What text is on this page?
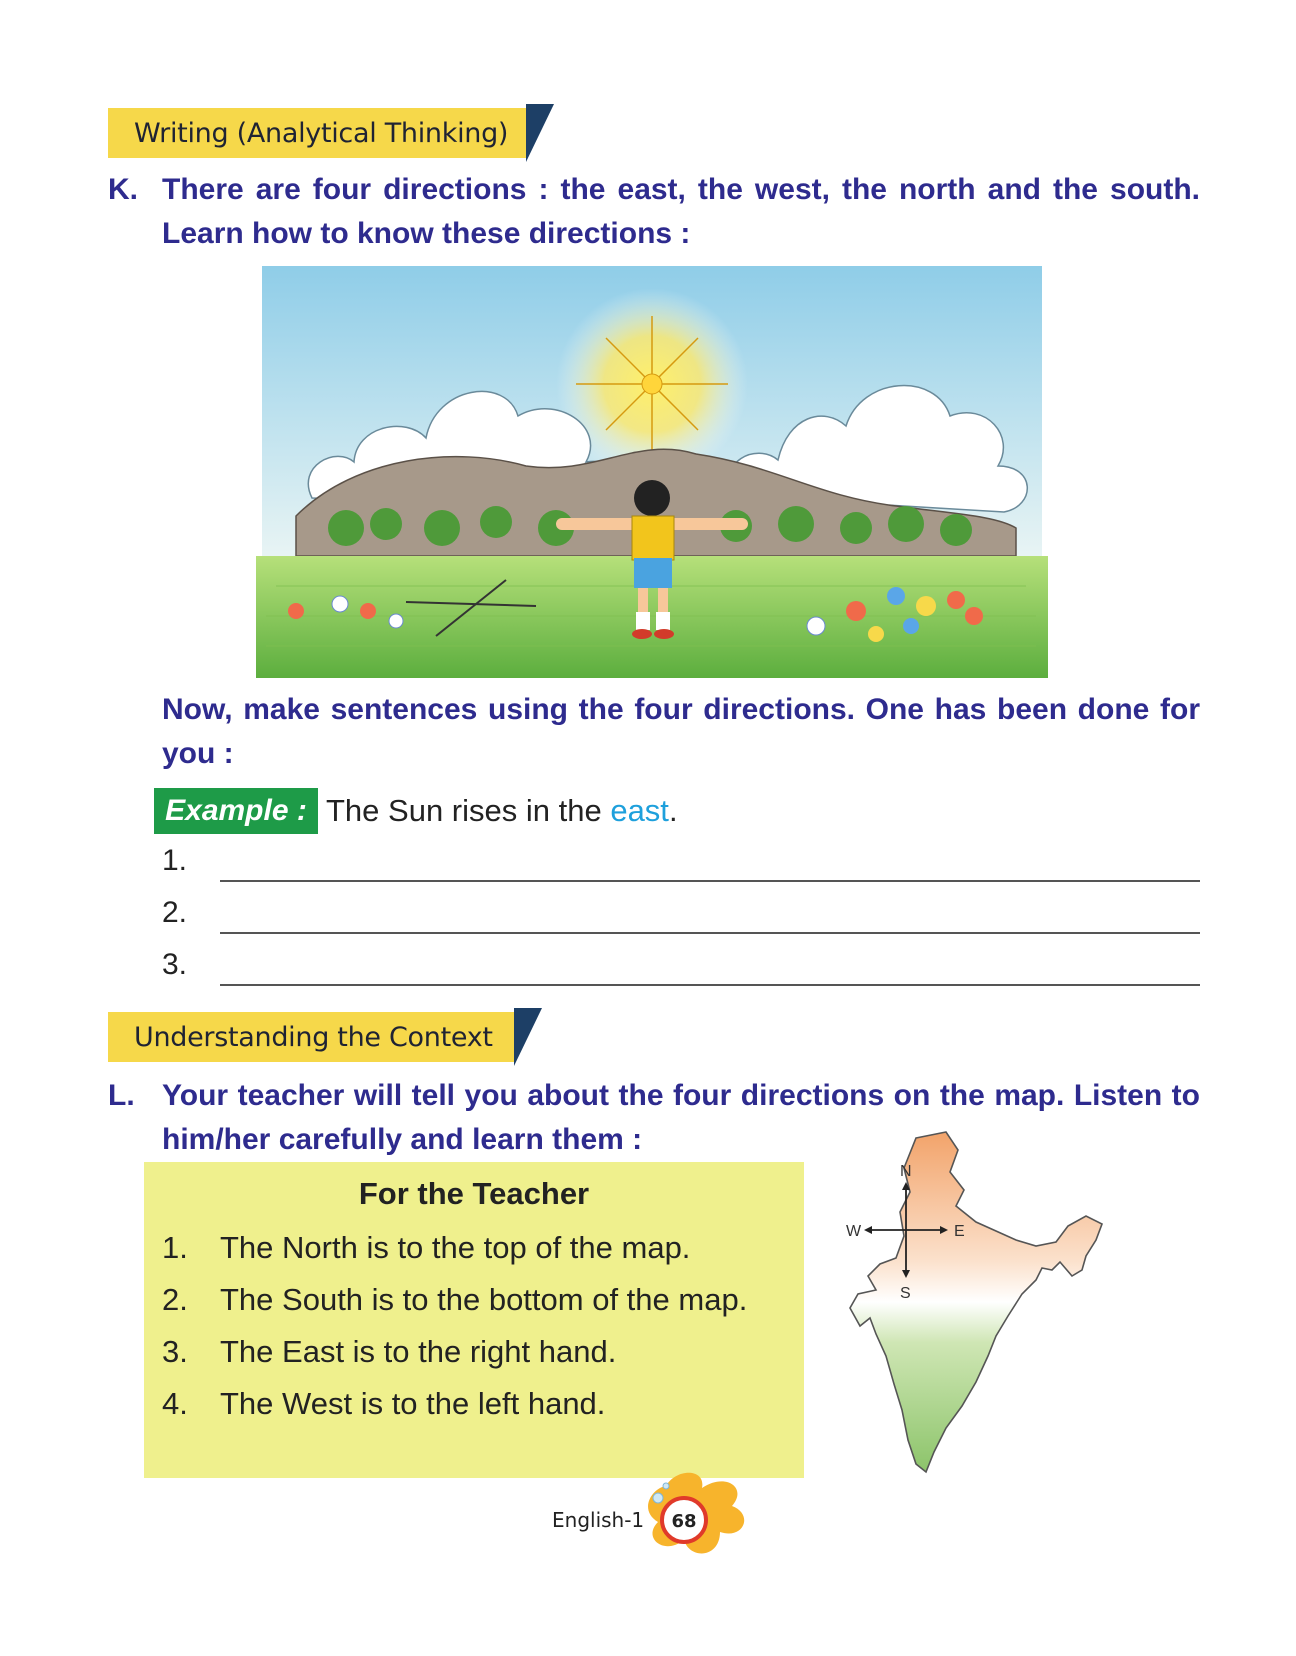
Writing (Analytical Thinking)
K. There are four directions : the east, the west, the north and the south. Learn how to know these directions :
Now, make sentences using the four directions. One has been done for you :
Example : The Sun rises in the east.
1.
2.
3.
Understanding the Context
L. Your teacher will tell you about the four directions on the map. Listen to him/her carefully and learn them :
For the Teacher
1. The North is to the top of the map.
2. The South is to the bottom of the map.
3. The East is to the right hand.
4. The West is to the left hand.
N
S
W	E
English-1 68
